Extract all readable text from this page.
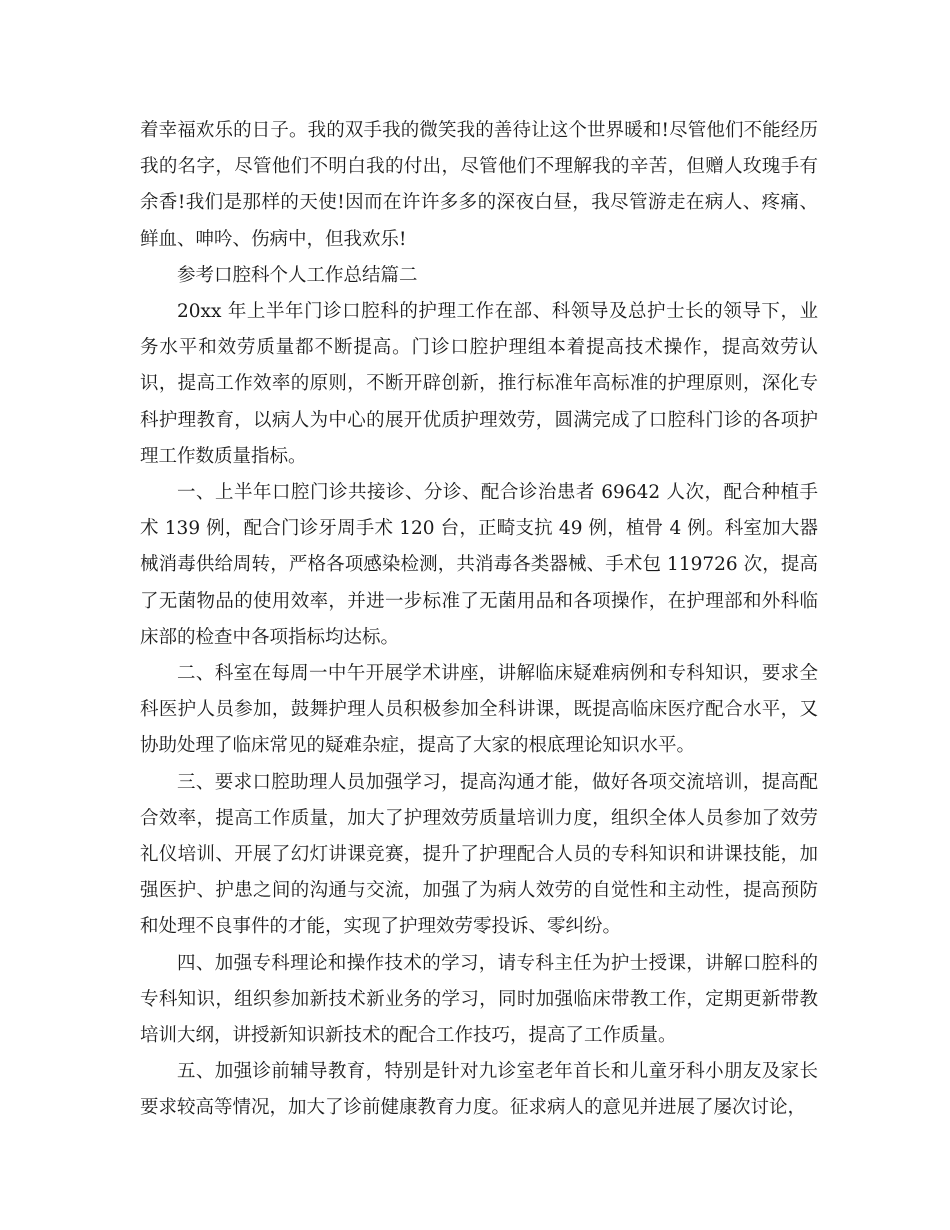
着幸福欢乐的日子。我的双手我的微笑我的善待让这个世界暖和!尽管他们不能经历我的名字，尽管他们不明白我的付出，尽管他们不理解我的辛苦，但赠人玫瑰手有余香!我们是那样的天使!因而在许许多多的深夜白昼，我尽管游走在病人、疼痛、鲜血、呻吟、伤病中，但我欢乐!

参考口腔科个人工作总结篇二

20xx 年上半年门诊口腔科的护理工作在部、科领导及总护士长的领导下，业务水平和效劳质量都不断提高。门诊口腔护理组本着提高技术操作，提高效劳认识，提高工作效率的原则，不断开辟创新，推行标准年高标准的护理原则，深化专科护理教育，以病人为中心的展开优质护理效劳，圆满完成了口腔科门诊的各项护理工作数质量指标。

一、上半年口腔门诊共接诊、分诊、配合诊治患者 69642 人次，配合种植手术 139 例，配合门诊牙周手术 120 台，正畸支抗 49 例，植骨 4 例。科室加大器械消毒供给周转，严格各项感染检测，共消毒各类器械、手术包 119726 次，提高了无菌物品的使用效率，并进一步标准了无菌用品和各项操作，在护理部和外科临床部的检查中各项指标均达标。

二、科室在每周一中午开展学术讲座，讲解临床疑难病例和专科知识，要求全科医护人员参加，鼓舞护理人员积极参加全科讲课，既提高临床医疗配合水平，又协助处理了临床常见的疑难杂症，提高了大家的根底理论知识水平。

三、要求口腔助理人员加强学习，提高沟通才能，做好各项交流培训，提高配合效率，提高工作质量，加大了护理效劳质量培训力度，组织全体人员参加了效劳礼仪培训、开展了幻灯讲课竞赛，提升了护理配合人员的专科知识和讲课技能，加强医护、护患之间的沟通与交流，加强了为病人效劳的自觉性和主动性，提高预防和处理不良事件的才能，实现了护理效劳零投诉、零纠纷。

四、加强专科理论和操作技术的学习，请专科主任为护士授课，讲解口腔科的专科知识，组织参加新技术新业务的学习，同时加强临床带教工作，定期更新带教培训大纲，讲授新知识新技术的配合工作技巧，提高了工作质量。

五、加强诊前辅导教育，特别是针对九诊室老年首长和儿童牙科小朋友及家长要求较高等情况，加大了诊前健康教育力度。征求病人的意见并进展了屡次讨论，
